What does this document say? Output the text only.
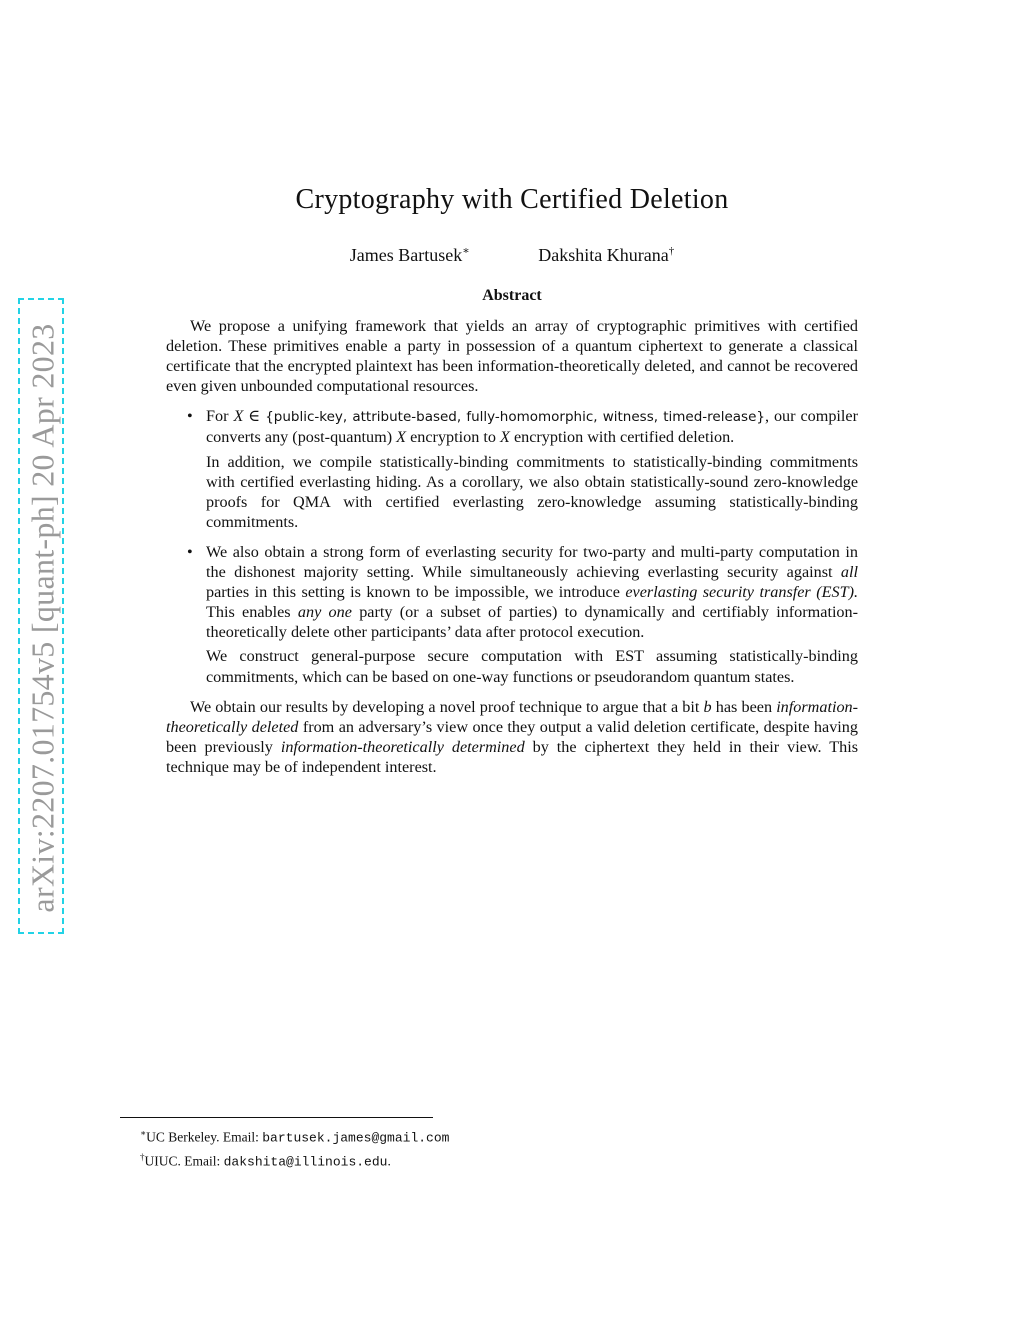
arXiv:2207.01754v5 [quant-ph] 20 Apr 2023
Cryptography with Certified Deletion
James Bartusek∗	Dakshita Khurana†
Abstract

We propose a unifying framework that yields an array of cryptographic primitives with certified deletion. These primitives enable a party in possession of a quantum ciphertext to generate a classical certificate that the encrypted plaintext has been information-theoretically deleted, and cannot be recovered even given unbounded computational resources.

• For X ∈ {public-key, attribute-based, fully-homomorphic, witness, timed-release}, our compiler converts any (post-quantum) X encryption to X encryption with certified deletion.

In addition, we compile statistically-binding commitments to statistically-binding commitments with certified everlasting hiding. As a corollary, we also obtain statistically-sound zero-knowledge proofs for QMA with certified everlasting zero-knowledge assuming statistically-binding commitments.

• We also obtain a strong form of everlasting security for two-party and multi-party computation in the dishonest majority setting. While simultaneously achieving everlasting security against all parties in this setting is known to be impossible, we introduce everlasting security transfer (EST). This enables any one party (or a subset of parties) to dynamically and certifiably information-theoretically delete other participants’ data after protocol execution.

We construct general-purpose secure computation with EST assuming statistically-binding commitments, which can be based on one-way functions or pseudorandom quantum states.

We obtain our results by developing a novel proof technique to argue that a bit b has been information-theoretically deleted from an adversary’s view once they output a valid deletion certificate, despite having been previously information-theoretically determined by the ciphertext they held in their view. This technique may be of independent interest.

∗UC Berkeley. Email: bartusek.james@gmail.com
†UIUC. Email: dakshita@illinois.edu.
